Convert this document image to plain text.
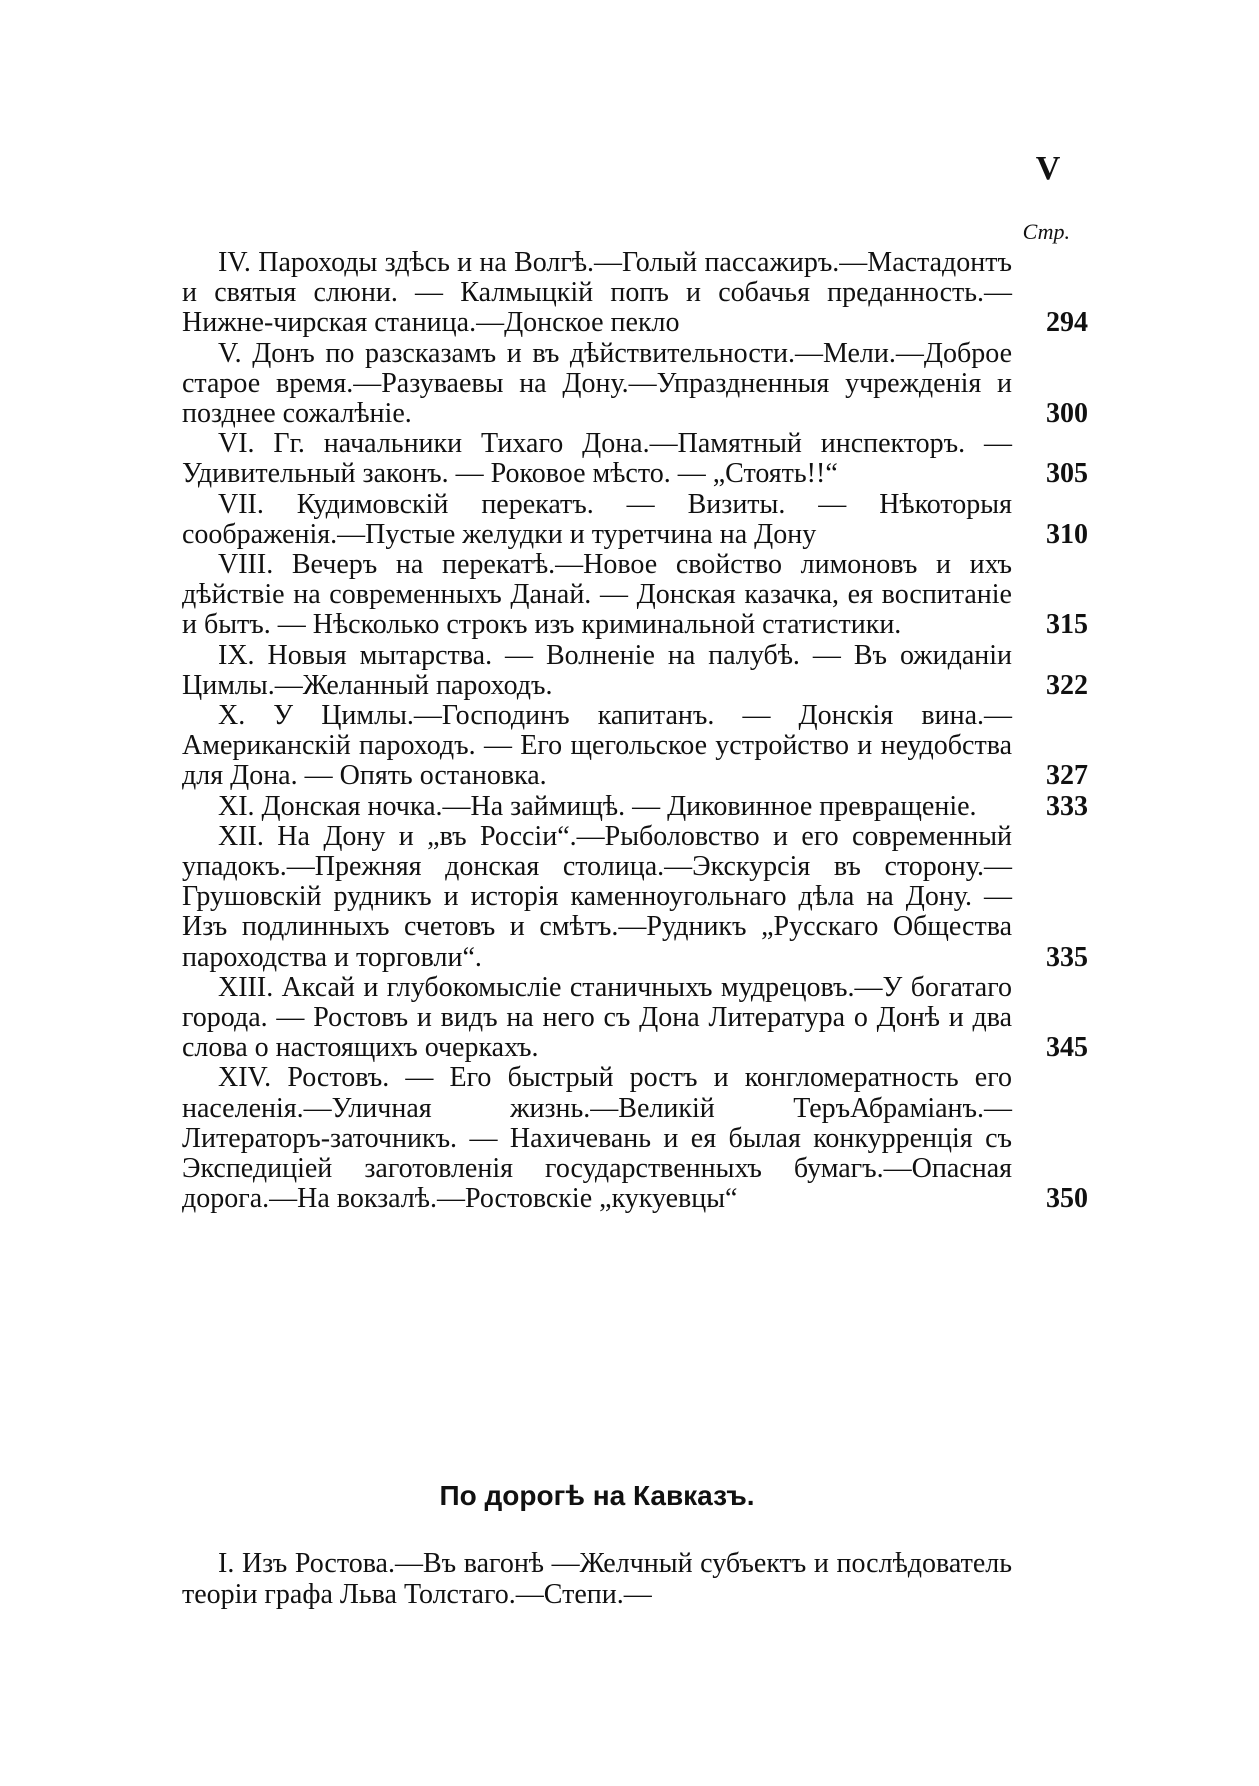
V
Стр.
IV. Пароходы здѣсь и на Волгѣ.—Голый пассажиръ.—Мастадонтъ и святыя слюни. — Калмыцкій попъ и собачья преданность.—Нижне-чирская станица.—Донское пекло	294
V. Донъ по разсказамъ и въ дѣйствительности.—Мели.—Доброе старое время.—Разуваевы на Дону.—Упраздненныя учрежденія и позднее сожалѣніе.	300
VI. Гг. начальники Тихаго Дона.—Памятный инспекторъ. — Удивительный законъ. — Роковое мѣсто. — „Стоять!!“	305
VII. Кудимовскій перекатъ. — Визиты. — Нѣкоторыя соображенія.—Пустые желудки и туретчина на Дону	310
VIII. Вечеръ на перекатѣ.—Новое свойство лимоновъ и ихъ дѣйствіе на современныхъ Данай. — Донская казачка, ея воспитаніе и бытъ. — Нѣсколько строкъ изъ криминальной статистики.	315
IX. Новыя мытарства. — Волненіе на палубѣ. — Въ ожиданіи Цимлы.—Желанный пароходъ.	322
X. У Цимлы.—Господинъ капитанъ. — Донскія вина.—Американскій пароходъ. — Его щегольское устройство и неудобства для Дона. — Опять остановка.	327
XI. Донская ночка.—На займищѣ. — Диковинное превращеніе.	333
XII. На Дону и „въ Россіи“.—Рыболовство и его современный упадокъ.—Прежняя донская столица.—Экскурсія въ сторону.—Грушовскій рудникъ и исторія каменноугольнаго дѣла на Дону. — Изъ подлинныхъ счетовъ и смѣтъ.—Рудникъ „Русскаго Общества пароходства и торговли“.	335
XIII. Аксай и глубокомысліе станичныхъ мудрецовъ.—У богатаго города. — Ростовъ и видъ на него съ Дона Литература о Донѣ и два слова о настоящихъ очеркахъ.	345
XIV. Ростовъ. — Его быстрый ростъ и конгломератность его населенія.—Уличная жизнь.—Великій ТеръАбраміанъ.—Литераторъ-заточникъ. — Нахичевань и ея былая конкурренція съ Экспедиціей заготовленія государственныхъ бумагъ.—Опасная дорога.—На вокзалѣ.—Ростовскіе „кукуевцы“	350
По дорогѣ на Кавказъ.
I. Изъ Ростова.—Въ вагонѣ —Желчный субъектъ и послѣдователь теоріи графа Льва Толстаго.—Степи.—
